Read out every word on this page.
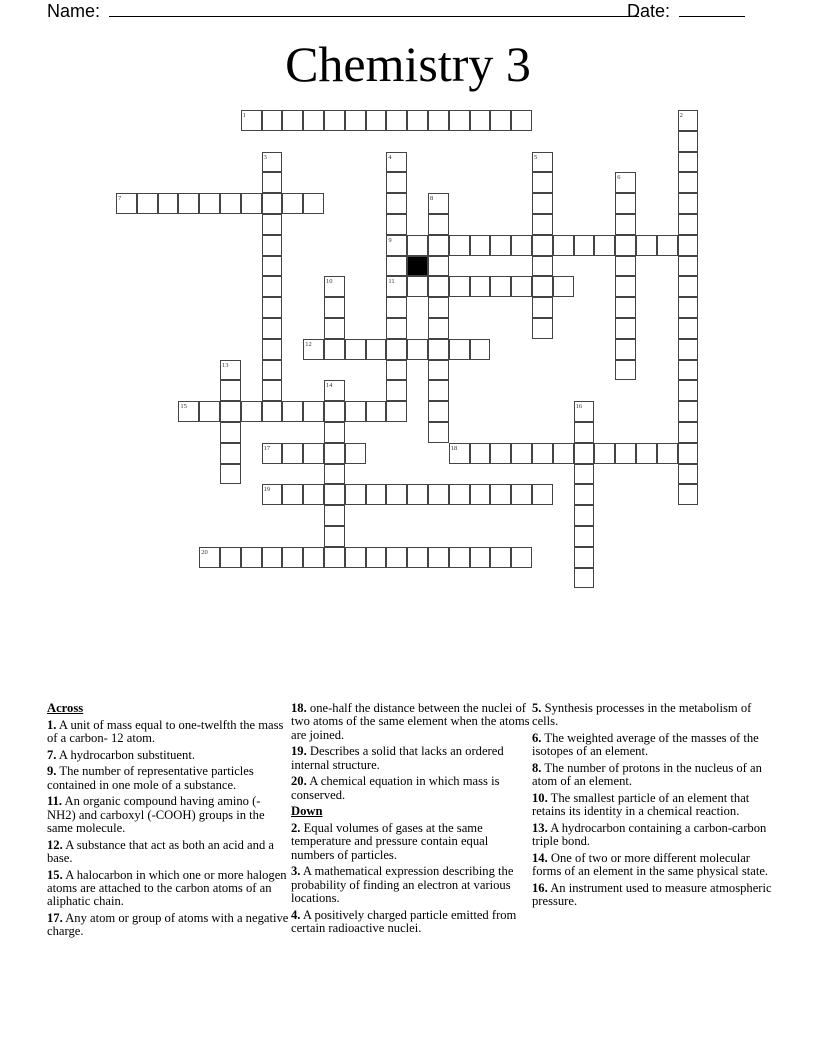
Name:	Date:
Chemistry 3
1
7
9
11
12
15
17	18
19
20
2
3	4	5
6
8
10
13
14
16

Across

1. A unit of mass equal to one-twelfth the mass of a carbon- 12 atom.

7. A hydrocarbon substituent.

9. The number of representative particles contained in one mole of a substance.

11. An organic compound having amino (-NH2) and carboxyl (-COOH) groups in the same molecule.

12. A substance that act as both an acid and a base.

15. A halocarbon in which one or more halogen atoms are attached to the carbon atoms of an aliphatic chain.

17. Any atom or group of atoms with a negative charge.

18. one-half the distance between the nuclei of two atoms of the same element when the atoms are joined.

19. Describes a solid that lacks an ordered internal structure.

20. A chemical equation in which mass is conserved.

Down

2. Equal volumes of gases at the same temperature and pressure contain equal numbers of particles.

3. A mathematical expression describing the probability of finding an electron at various locations.

4. A positively charged particle emitted from certain radioactive nuclei.

5. Synthesis processes in the metabolism of cells.

6. The weighted average of the masses of the isotopes of an element.

8. The number of protons in the nucleus of an atom of an element.

10. The smallest particle of an element that retains its identity in a chemical reaction.

13. A hydrocarbon containing a carbon-carbon triple bond.

14. One of two or more different molecular forms of an element in the same physical state.

16. An instrument used to measure atmospheric pressure.
